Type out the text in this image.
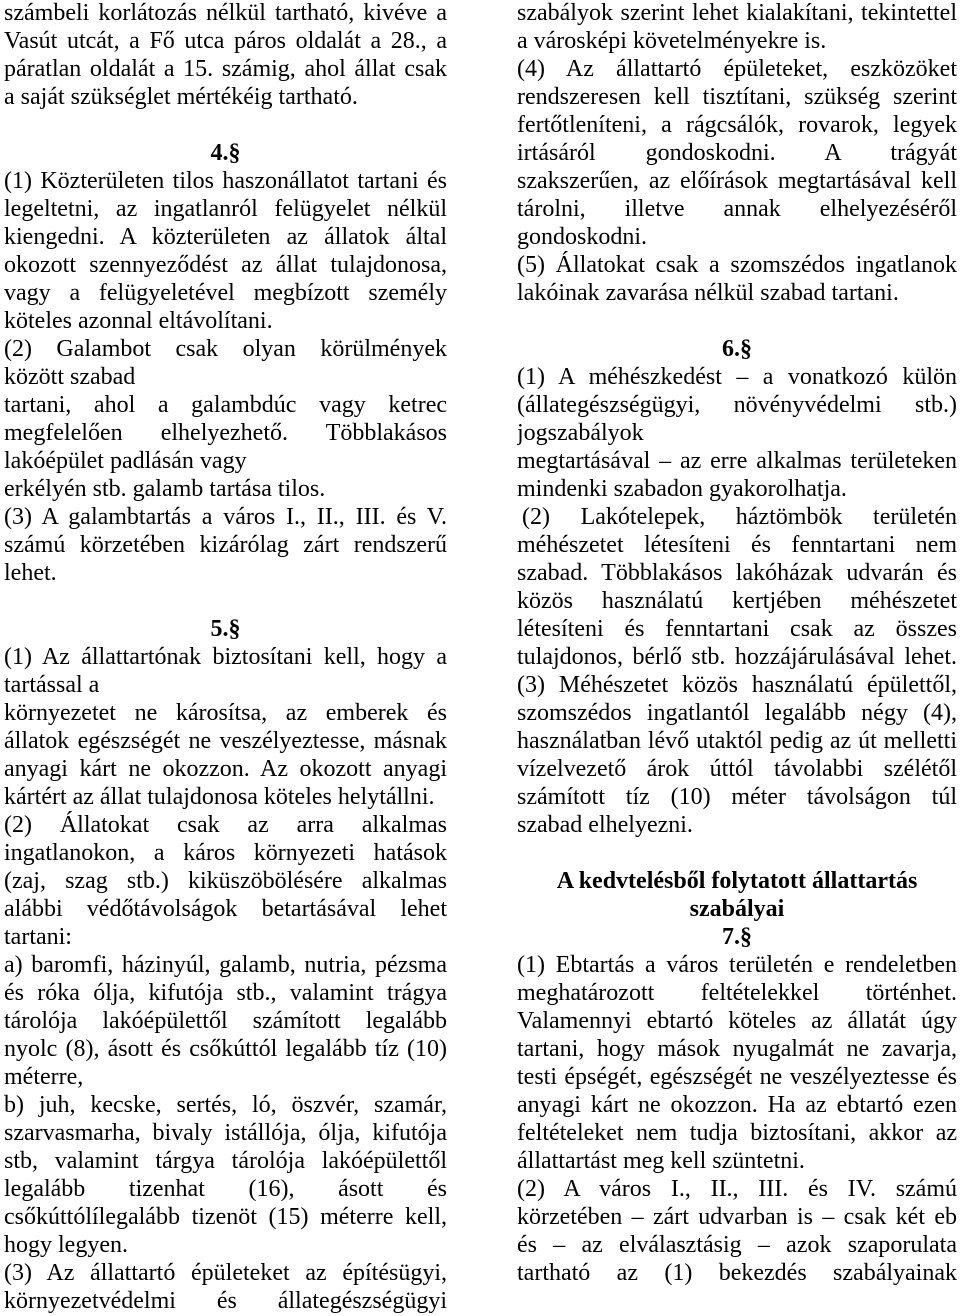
számbeli korlátozás nélkül tartható, kivéve a
Vasút utcát, a Fő utca páros oldalát a 28., a
páratlan oldalát a 15. számig, ahol állat csak
a saját szükséglet mértékéig tartható.
4.§
(1) Közterületen tilos haszonállatot tartani és
legeltetni, az ingatlanról felügyelet nélkül
kiengedni. A közterületen az állatok által
okozott szennyeződést az állat tulajdonosa,
vagy a felügyeletével megbízott személy
köteles azonnal eltávolítani.
(2) Galambot csak olyan körülmények
között szabad
tartani, ahol a galambdúc vagy ketrec
megfelelően elhelyezhető. Többlakásos
lakóépület padlásán vagy
erkélyén stb. galamb tartása tilos.
(3) A galambtartás a város I., II., III. és V.
számú körzetében kizárólag zárt rendszerű
lehet.
5.§
(1) Az állattartónak biztosítani kell, hogy a
tartással a
környezetet ne károsítsa, az emberek és
állatok egészségét ne veszélyeztesse, másnak
anyagi kárt ne okozzon. Az okozott anyagi
kártért az állat tulajdonosa köteles helytállni.
(2) Állatokat csak az arra alkalmas
ingatlanokon, a káros környezeti hatások
(zaj, szag stb.) kiküszöbölésére alkalmas
alábbi védőtávolságok betartásával lehet
tartani:
a) baromfi, házinyúl, galamb, nutria, pézsma
és róka ólja, kifutója stb., valamint trágya
tárolója lakóépülettől számított legalább
nyolc (8), ásott és csőkúttól legalább tíz (10)
méterre,
b) juh, kecske, sertés, ló, öszvér, szamár,
szarvasmarha, bivaly istállója, ólja, kifutója
stb, valamint tárgya tárolója lakóépülettől
legalább tizenhat (16), ásott és
csőkúttólílegalább tizenöt (15) méterre kell,
hogy legyen.
(3) Az állattartó épületeket az építésügyi,
környezetvédelmi és állategészségügyi
szabályok szerint lehet kialakítani, tekintettel
a városképi követelményekre is.
(4) Az állattartó épületeket, eszközöket
rendszeresen kell tisztítani, szükség szerint
fertőtleníteni, a rágcsálók, rovarok, legyek
irtásáról gondoskodni. A trágyát
szakszerűen, az előírások megtartásával kell
tárolni, illetve annak elhelyezéséről
gondoskodni.
(5) Állatokat csak a szomszédos ingatlanok
lakóinak zavarása nélkül szabad tartani.
6.§
(1) A méhészkedést – a vonatkozó külön
(állategészségügyi, növényvédelmi stb.)
jogszabályok
megtartásával – az erre alkalmas területeken
mindenki szabadon gyakorolhatja.
(2) Lakótelepek, háztömbök területén
méhészetet létesíteni és fenntartani nem
szabad. Többlakásos lakóházak udvarán és
közös használatú kertjében méhészetet
létesíteni és fenntartani csak az összes
tulajdonos, bérlő stb. hozzájárulásával lehet.
(3) Méhészetet közös használatú épülettől,
szomszédos ingatlantól legalább négy (4),
használatban lévő utaktól pedig az út melletti
vízelvezető árok úttól távolabbi szélétől
számított tíz (10) méter távolságon túl
szabad elhelyezni.
A kedvtelésből folytatott állattartás
szabályai
7.§
(1) Ebtartás a város területén e rendeletben
meghatározott feltételekkel történhet.
Valamennyi ebtartó köteles az állatát úgy
tartani, hogy mások nyugalmát ne zavarja,
testi épségét, egészségét ne veszélyeztesse és
anyagi kárt ne okozzon. Ha az ebtartó ezen
feltételeket nem tudja biztosítani, akkor az
állattartást meg kell szüntetni.
(2) A város I., II., III. és IV. számú
körzetében – zárt udvarban is – csak két eb
és – az elválasztásig – azok szaporulata
tartható az (1) bekezdés szabályainak
